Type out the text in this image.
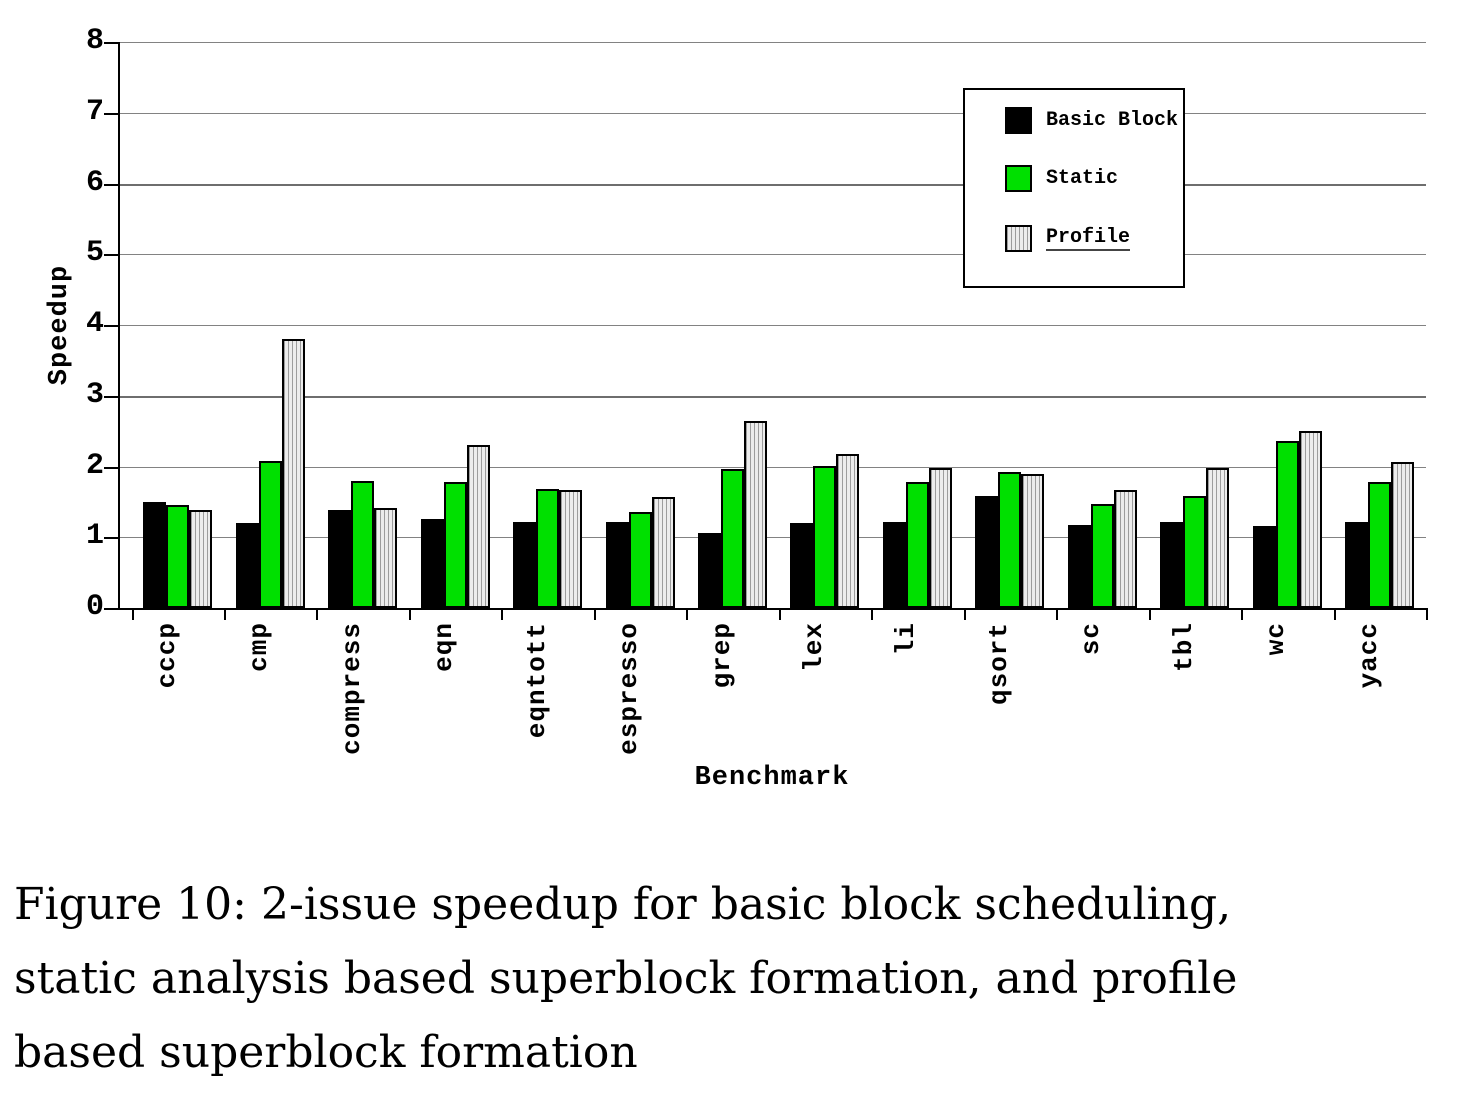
Speedup
Benchmark
Basic Block
Static
Profile
0
1
2
3
4
5
6
7
8
cccp cmp compress eqn eqntott espresso grep lex li qsort sc tbl wc yacc
Figure 10: 2-issue speedup for basic block scheduling,
static analysis based superblock formation, and profile
based superblock formation
